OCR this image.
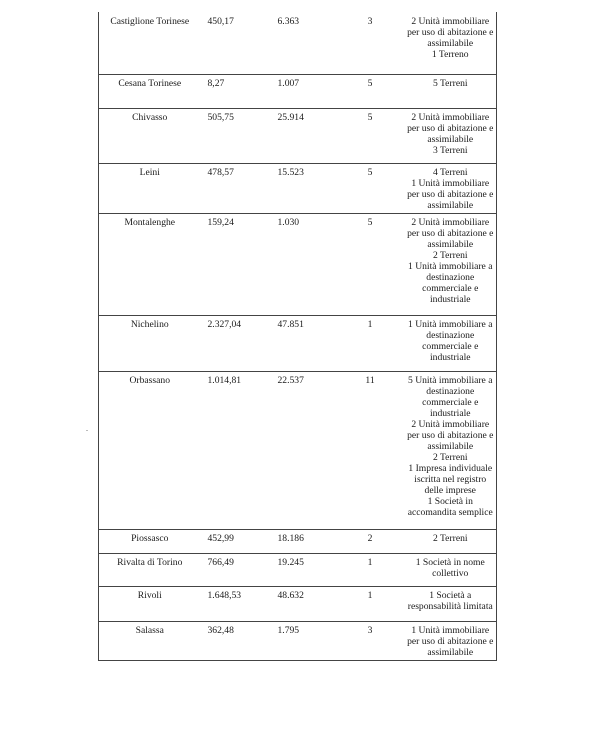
Castiglione Torinese	450,17	6.363	3	2 Unità immobiliare per uso di abitazione e assimilabile
1 Terreno

Cesana Torinese	8,27	1.007	5	5 Terreni

Chivasso	505,75	25.914	5	2 Unità immobiliare per uso di abitazione e assimilabile
3 Terreni

Leini	478,57	15.523	5	4 Terreni
1 Unità immobiliare per uso di abitazione e assimilabile

Montalenghe	159,24	1.030	5	2 Unità immobiliare per uso di abitazione e assimilabile
2 Terreni
1 Unità immobiliare a destinazione commerciale e industriale

Nichelino	2.327,04	47.851	1	1 Unità immobiliare a destinazione commerciale e industriale

Orbassano	1.014,81	22.537	11	5 Unità immobiliare a destinazione commerciale e industriale
2 Unità immobiliare per uso di abitazione e assimilabile
2 Terreni
1 Impresa individuale iscritta nel registro delle imprese
1 Società in accomandita semplice

Piossasco	452,99	18.186	2	2 Terreni

Rivalta di Torino	766,49	19.245	1	1 Società in nome collettivo

Rivoli	1.648,53	48.632	1	1 Società a responsabilità limitata

Salassa	362,48	1.795	3	1 Unità immobiliare per uso di abitazione e assimilabile
